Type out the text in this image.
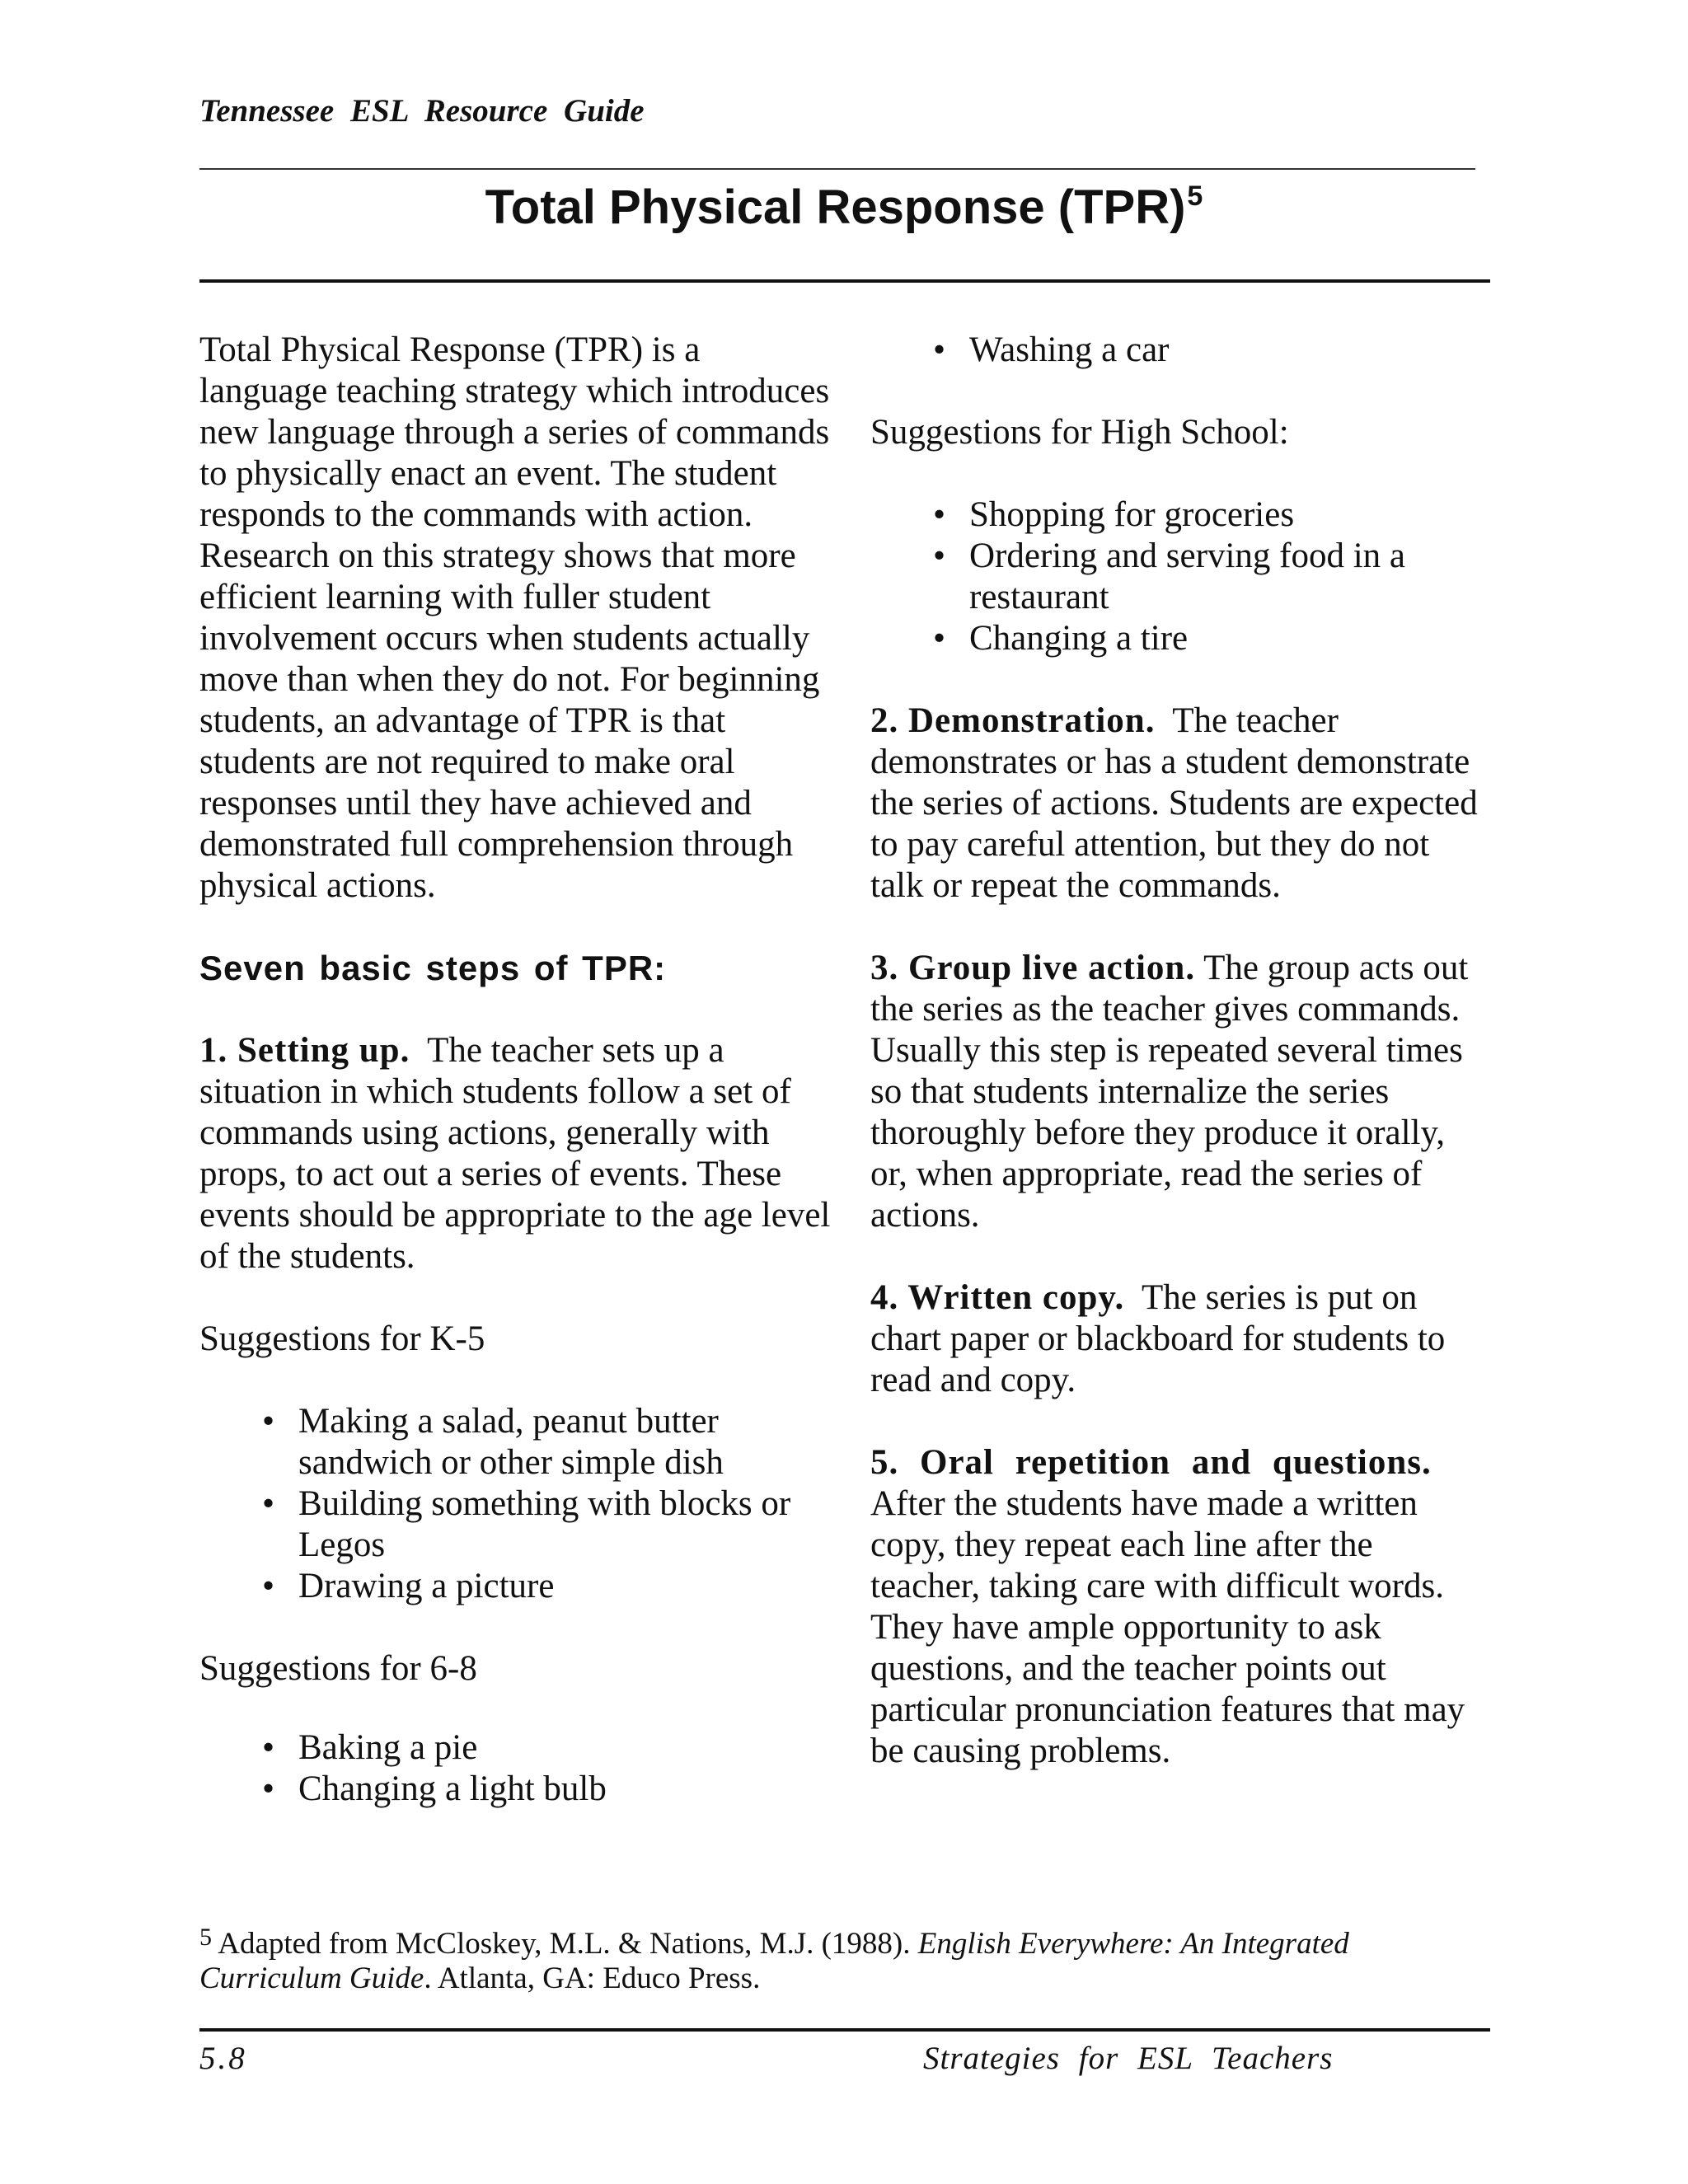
Tennessee ESL Resource Guide
Total Physical Response (TPR)$^5$

Total Physical Response (TPR) is a language teaching strategy which introduces new language through a series of commands to physically enact an event. The student responds to the commands with action. Research on this strategy shows that more efficient learning with fuller student involvement occurs when students actually move than when they do not. For beginning students, an advantage of TPR is that students are not required to make oral responses until they have achieved and demonstrated full comprehension through physical actions.

Seven basic steps of TPR:

1. Setting up. The teacher sets up a situation in which students follow a set of commands using actions, generally with props, to act out a series of events. These events should be appropriate to the age level of the students.

Suggestions for K-5

• Making a salad, peanut butter sandwich or other simple dish
• Building something with blocks or Legos
• Drawing a picture

Suggestions for 6-8

• Baking a pie
• Changing a light bulb
• Washing a car

Suggestions for High School:

• Shopping for groceries
• Ordering and serving food in a restaurant
• Changing a tire

2. Demonstration. The teacher demonstrates or has a student demonstrate the series of actions. Students are expected to pay careful attention, but they do not talk or repeat the commands.

3. Group live action. The group acts out the series as the teacher gives commands. Usually this step is repeated several times so that students internalize the series thoroughly before they produce it orally, or, when appropriate, read the series of actions.

4. Written copy. The series is put on chart paper or blackboard for students to read and copy.

5. Oral repetition and questions.
After the students have made a written copy, they repeat each line after the teacher, taking care with difficult words. They have ample opportunity to ask questions, and the teacher points out particular pronunciation features that may be causing problems.

$^5$ Adapted from McCloskey, M.L. & Nations, M.J. (1988). English Everywhere: An Integrated Curriculum Guide. Atlanta, GA: Educo Press.
5.8	Strategies for ESL Teachers
